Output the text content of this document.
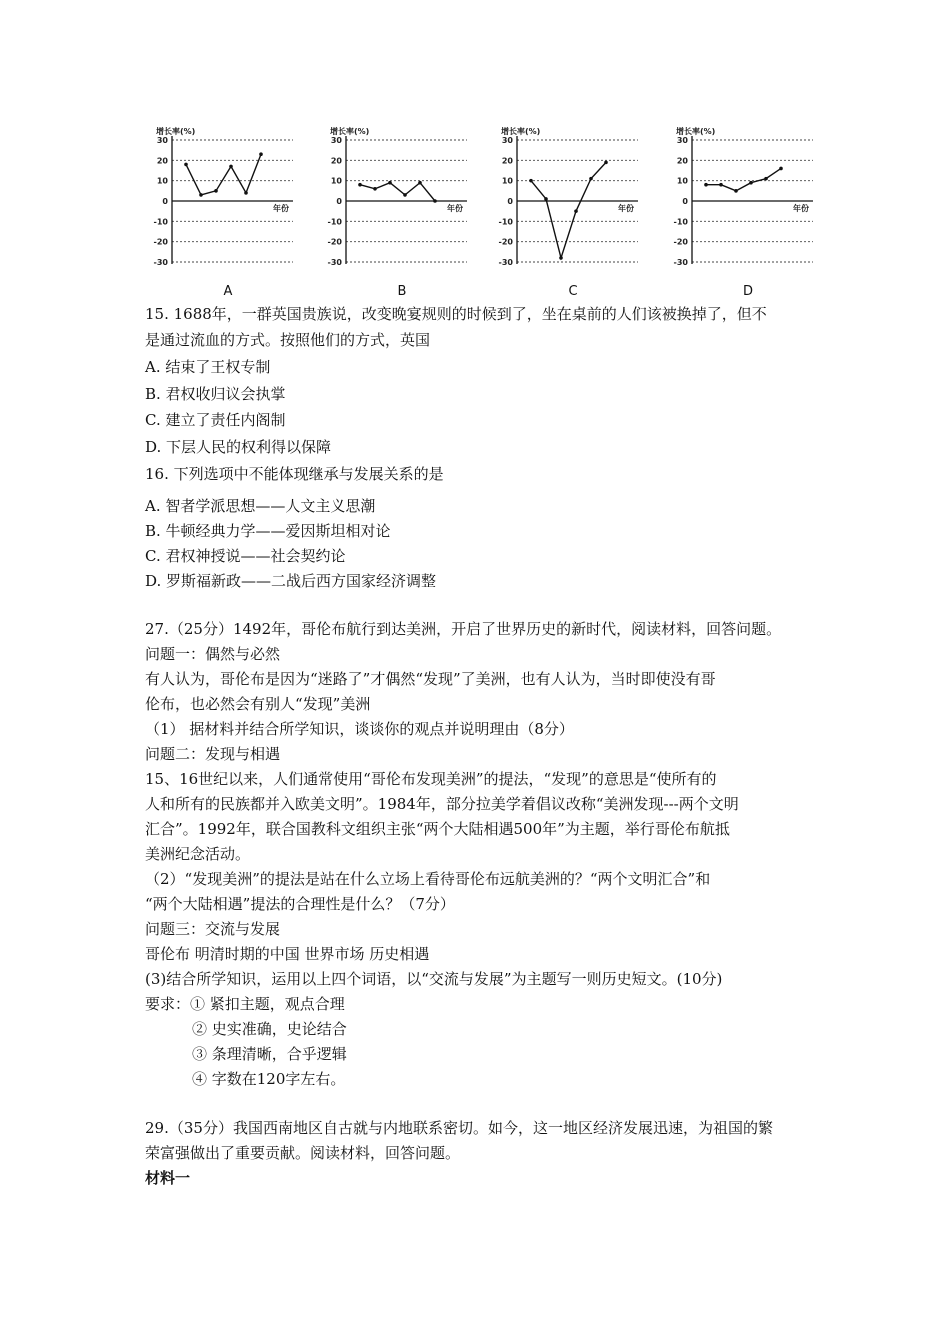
增长率(%)
30
20
10
0
-10
-20
-30
年份
A
增长率(%)
30
20
10
0
-10
-20
-30
年份
B
增长率(%)
30
20
10
0
-10
-20
-30
年份
C
增长率(%)
30
20
10
0
-10
-20
-30
年份
D
15. 1688年，一群英国贵族说，改变晚宴规则的时候到了，坐在桌前的人们该被换掉了，但不
是通过流血的方式。按照他们的方式，英国
A. 结束了王权专制
B. 君权收归议会执掌
C. 建立了责任内阁制
D. 下层人民的权利得以保障
16. 下列选项中不能体现继承与发展关系的是
A. 智者学派思想——人文主义思潮
B. 牛顿经典力学——爱因斯坦相对论
C. 君权神授说——社会契约论
D. 罗斯福新政——二战后西方国家经济调整
27.（25分）1492年，哥伦布航行到达美洲，开启了世界历史的新时代，阅读材料，回答问题。
问题一：偶然与必然
有人认为，哥伦布是因为“迷路了”才偶然“发现”了美洲，也有人认为，当时即使没有哥
伦布，也必然会有别人“发现”美洲
（1） 据材料并结合所学知识，谈谈你的观点并说明理由（8分）
问题二：发现与相遇
15、16世纪以来，人们通常使用“哥伦布发现美洲”的提法，“发现”的意思是“使所有的
人和所有的民族都并入欧美文明”。1984年，部分拉美学着倡议改称“美洲发现---两个文明
汇合”。1992年，联合国教科文组织主张“两个大陆相遇500年”为主题，举行哥伦布航抵
美洲纪念活动。
（2）“发现美洲”的提法是站在什么立场上看待哥伦布远航美洲的？“两个文明汇合”和
“两个大陆相遇”提法的合理性是什么？（7分）
问题三：交流与发展
哥伦布 明清时期的中国 世界市场 历史相遇
(3)结合所学知识，运用以上四个词语，以“交流与发展”为主题写一则历史短文。(10分)
要求：① 紧扣主题，观点合理
② 史实准确，史论结合
③ 条理清晰，合乎逻辑
④ 字数在120字左右。
29.（35分）我国西南地区自古就与内地联系密切。如今，这一地区经济发展迅速，为祖国的繁
荣富强做出了重要贡献。阅读材料，回答问题。
材料一
